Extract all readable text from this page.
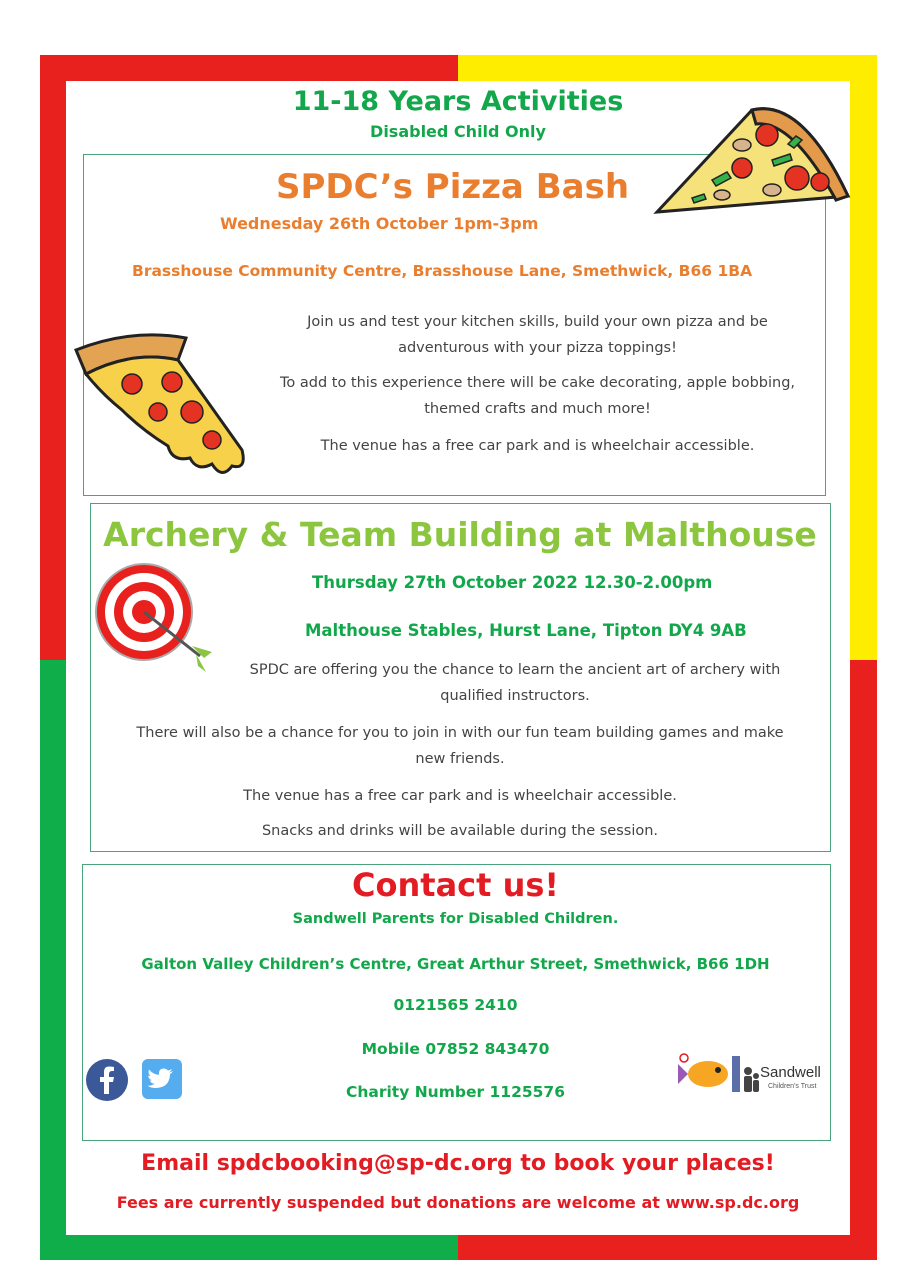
11-18 Years Activities
Disabled Child Only
SPDC’s Pizza Bash
Wednesday 26th October 1pm-3pm
Brasshouse Community Centre, Brasshouse Lane, Smethwick, B66 1BA
Join us and test your kitchen skills, build your own pizza and be
adventurous with your pizza toppings!
To add to this experience there will be cake decorating, apple bobbing,
themed crafts and much more!
The venue has a free car park and is wheelchair accessible.
Archery & Team Building at Malthouse
Thursday 27th October 2022 12.30-2.00pm
Malthouse Stables, Hurst Lane, Tipton DY4 9AB
SPDC are offering you the chance to learn the ancient art of archery with
qualified instructors.
There will also be a chance for you to join in with our fun team building games and make
new friends.
The venue has a free car park and is wheelchair accessible.
Snacks and drinks will be available during the session.
Contact us!
Sandwell Parents for Disabled Children.
Galton Valley Children’s Centre, Great Arthur Street, Smethwick, B66 1DH
0121565 2410
Mobile 07852 843470
Charity Number 1125576
Sandwell
Children's Trust
Email spdcbooking@sp-dc.org to book your places!
Fees are currently suspended but donations are welcome at www.sp.dc.org
